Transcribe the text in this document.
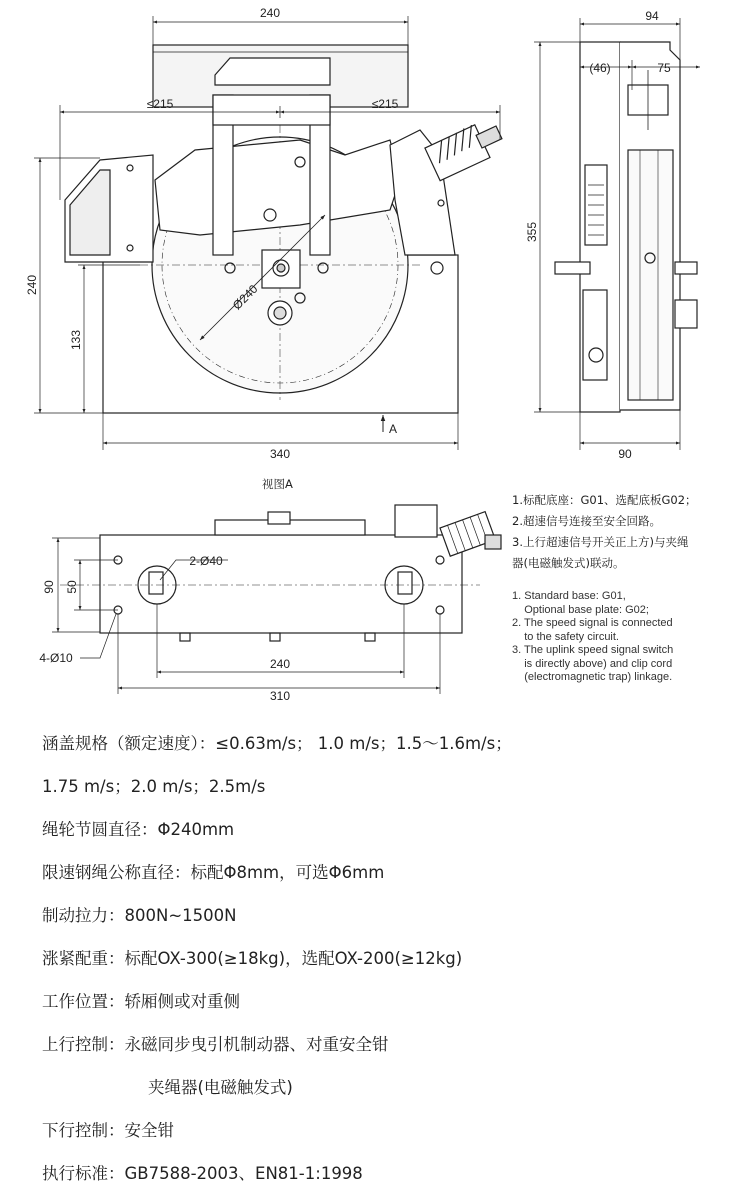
240
≤215	≤215
240
133
Ø240
340
A
94
(46)	75
355
90
90 50
2-Ø40
4-Ø10	240
310
视图A
1.标配底座：G01、选配底板G02；
2.超速信号连接至安全回路。
3.上行超速信号开关正上方)与夹绳
器(电磁触发式)联动。
1. Standard base: G01,
Optional base plate: G02;
2. The speed signal is connected
to the safety circuit.
3. The uplink speed signal switch
is directly above) and clip cord
(electromagnetic trap) linkage.
涵盖规格（额定速度）：≤0.63m/s； 1.0 m/s；1.5～1.6m/s；
1.75 m/s；2.0 m/s；2.5m/s
绳轮节圆直径：Φ240mm
限速钢绳公称直径：标配Φ8mm，可选Φ6mm
制动拉力：800N~1500N
涨紧配重：标配OX-300(≥18kg)，选配OX-200(≥12kg)
工作位置：轿厢侧或对重侧
上行控制：永磁同步曳引机制动器、对重安全钳
夹绳器(电磁触发式)
下行控制：安全钳
执行标准：GB7588-2003、EN81-1:1998
